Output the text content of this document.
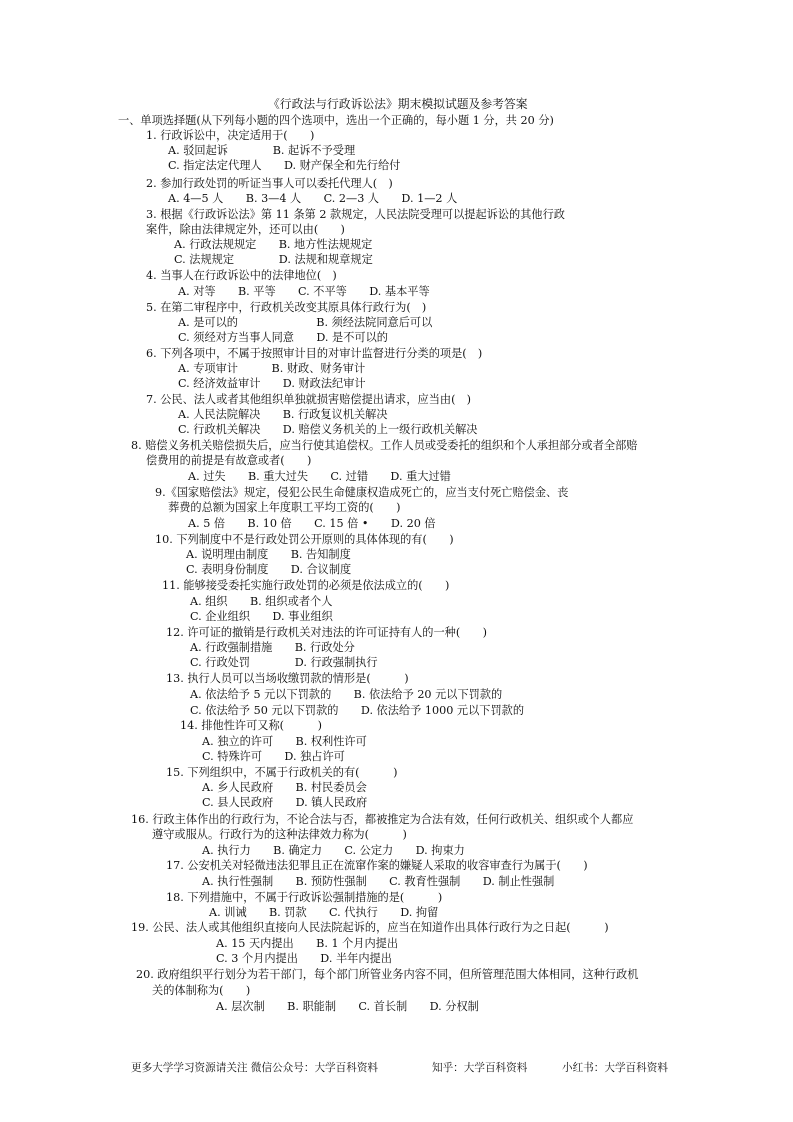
《行政法与行政诉讼法》期末模拟试题及参考答案
一、单项选择题(从下列每小题的四个选项中，选出一个正确的，每小题 1 分，共 20 分)
1. 行政诉讼中，决定适用于(　　)
A. 驳回起诉　　　　B. 起诉不予受理
C. 指定法定代理人　　D. 财产保全和先行给付
2. 参加行政处罚的听证当事人可以委托代理人(　)
A. 4—5 人　　B. 3—4 人　　C. 2—3 人　　D. 1—2 人
3. 根据《行政诉讼法》第 11 条第 2 款规定，人民法院受理可以提起诉讼的其他行政
案件，除由法律规定外，还可以由(　　)
A. 行政法规规定　　B. 地方性法规规定
C. 法规规定　　　　D. 法规和规章规定
4. 当事人在行政诉讼中的法律地位(　)
A. 对等　　B. 平等　　C. 不平等　　D. 基本平等
5. 在第二审程序中，行政机关改变其原具体行政行为(　)
A. 是可以的　　　　　　　B. 须经法院同意后可以
C. 须经对方当事人同意　　D. 是不可以的
6. 下列各项中，不属于按照审计目的对审计监督进行分类的项是(　)
A. 专项审计　　　B. 财政、财务审计
C. 经济效益审计　　D. 财政法纪审计
7. 公民、法人或者其他组织单独就损害赔偿提出请求，应当由(　)
A. 人民法院解决　　B. 行政复议机关解决
C. 行政机关解决　　D. 赔偿义务机关的上一级行政机关解决
8. 赔偿义务机关赔偿损失后，应当行使其追偿权。工作人员或受委托的组织和个人承担部分或者全部赔
偿费用的前提是有故意或者(　　)
A. 过失　　B. 重大过失　　C. 过错　　D. 重大过错
9.《国家赔偿法》规定，侵犯公民生命健康权造成死亡的，应当支付死亡赔偿金、丧
葬费的总额为国家上年度职工平均工资的(　　)
A. 5 倍　　B. 10 倍　　C. 15 倍 •　　D. 20 倍
10. 下列制度中不是行政处罚公开原则的具体体现的有(　　)
A. 说明理由制度　　B. 告知制度
C. 表明身份制度　　D. 合议制度
11. 能够接受委托实施行政处罚的必须是依法成立的(　　)
A. 组织　　B. 组织或者个人
C. 企业组织　　D. 事业组织
12. 许可证的撤销是行政机关对违法的许可证持有人的一种(　　)
A. 行政强制措施　　B. 行政处分
C. 行政处罚　　　　D. 行政强制执行
13. 执行人员可以当场收缴罚款的情形是(　　　)
A. 依法给予 5 元以下罚款的　　B. 依法给予 20 元以下罚款的
C. 依法给予 50 元以下罚款的　　D. 依法给予 1000 元以下罚款的
14. 排他性许可又称(　　　)
A. 独立的许可　　B. 权利性许可
C. 特殊许可　　D. 独占许可
15. 下列组织中，不属于行政机关的有(　　　)
A. 乡人民政府　　B. 村民委员会
C. 县人民政府　　D. 镇人民政府
16. 行政主体作出的行政行为，不论合法与否，都被推定为合法有效，任何行政机关、组织或个人都应
遵守或服从。行政行为的这种法律效力称为(　　　)
A. 执行力　　B. 确定力　　C. 公定力　　D. 拘束力
17. 公安机关对轻微违法犯罪且正在流窜作案的嫌疑人采取的收容审查行为属于(　　)
A. 执行性强制　　B. 预防性强制　　C. 教育性强制　　D. 制止性强制
18. 下列措施中，不属于行政诉讼强制措施的是(　　　)
A. 训诫　　B. 罚款　　C. 代执行　　D. 拘留
19. 公民、法人或其他组织直接向人民法院起诉的，应当在知道作出具体行政行为之日起(　　　)
A. 15 天内提出　　B. 1 个月内提出
C. 3 个月内提出　　D. 半年内提出
20. 政府组织平行划分为若干部门，每个部门所管业务内容不同，但所管理范围大体相同，这种行政机
关的体制称为(　　)
A. 层次制　　B. 职能制　　C. 首长制　　D. 分权制
更多大学学习资源请关注 微信公众号：大学百科资料	知乎：大学百科资料	小红书：大学百科资料
